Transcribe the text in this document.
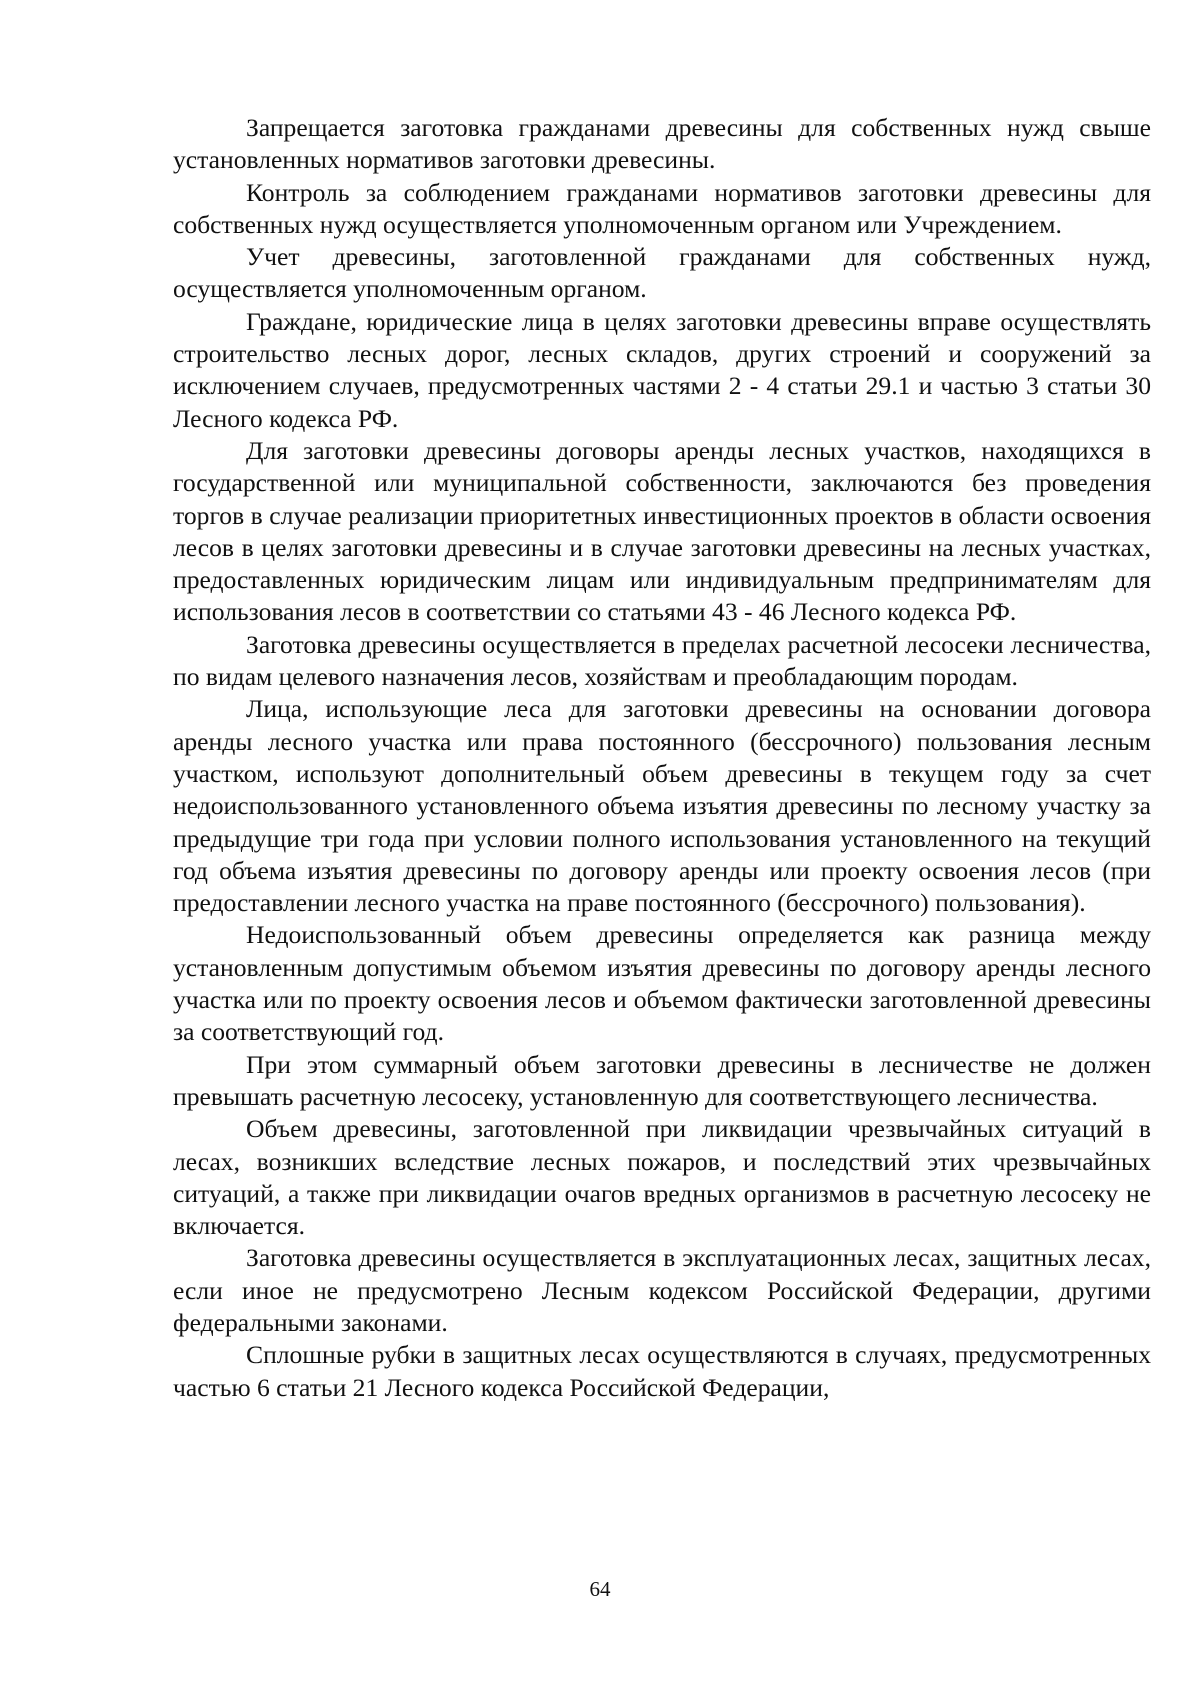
Запрещается заготовка гражданами древесины для собственных нужд свыше установленных нормативов заготовки древесины.

Контроль за соблюдением гражданами нормативов заготовки древесины для собственных нужд осуществляется уполномоченным органом или Учреждением.

Учет древесины, заготовленной гражданами для собственных нужд, осуществляется уполномоченным органом.

Граждане, юридические лица в целях заготовки древесины вправе осуществлять строительство лесных дорог, лесных складов, других строений и сооружений за исключением случаев, предусмотренных частями 2 - 4 статьи 29.1 и частью 3 статьи 30 Лесного кодекса РФ.

Для заготовки древесины договоры аренды лесных участков, находящихся в государственной или муниципальной собственности, заключаются без проведения торгов в случае реализации приоритетных инвестиционных проектов в области освоения лесов в целях заготовки древесины и в случае заготовки древесины на лесных участках, предоставленных юридическим лицам или индивидуальным предпринимателям для использования лесов в соответствии со статьями 43 - 46 Лесного кодекса РФ.

Заготовка древесины осуществляется в пределах расчетной лесосеки лесничества, по видам целевого назначения лесов, хозяйствам и преобладающим породам.

Лица, использующие леса для заготовки древесины на основании договора аренды лесного участка или права постоянного (бессрочного) пользования лесным участком, используют дополнительный объем древесины в текущем году за счет недоиспользованного установленного объема изъятия древесины по лесному участку за предыдущие три года при условии полного использования установленного на текущий год объема изъятия древесины по договору аренды или проекту освоения лесов (при предоставлении лесного участка на праве постоянного (бессрочного) пользования).

Недоиспользованный объем древесины определяется как разница между установленным допустимым объемом изъятия древесины по договору аренды лесного участка или по проекту освоения лесов и объемом фактически заготовленной древесины за соответствующий год.

При этом суммарный объем заготовки древесины в лесничестве не должен превышать расчетную лесосеку, установленную для соответствующего лесничества.

Объем древесины, заготовленной при ликвидации чрезвычайных ситуаций в лесах, возникших вследствие лесных пожаров, и последствий этих чрезвычайных ситуаций, а также при ликвидации очагов вредных организмов в расчетную лесосеку не включается.

Заготовка древесины осуществляется в эксплуатационных лесах, защитных лесах, если иное не предусмотрено Лесным кодексом Российской Федерации, другими федеральными законами.

Сплошные рубки в защитных лесах осуществляются в случаях, предусмотренных частью 6 статьи 21 Лесного кодекса Российской Федерации,

64
